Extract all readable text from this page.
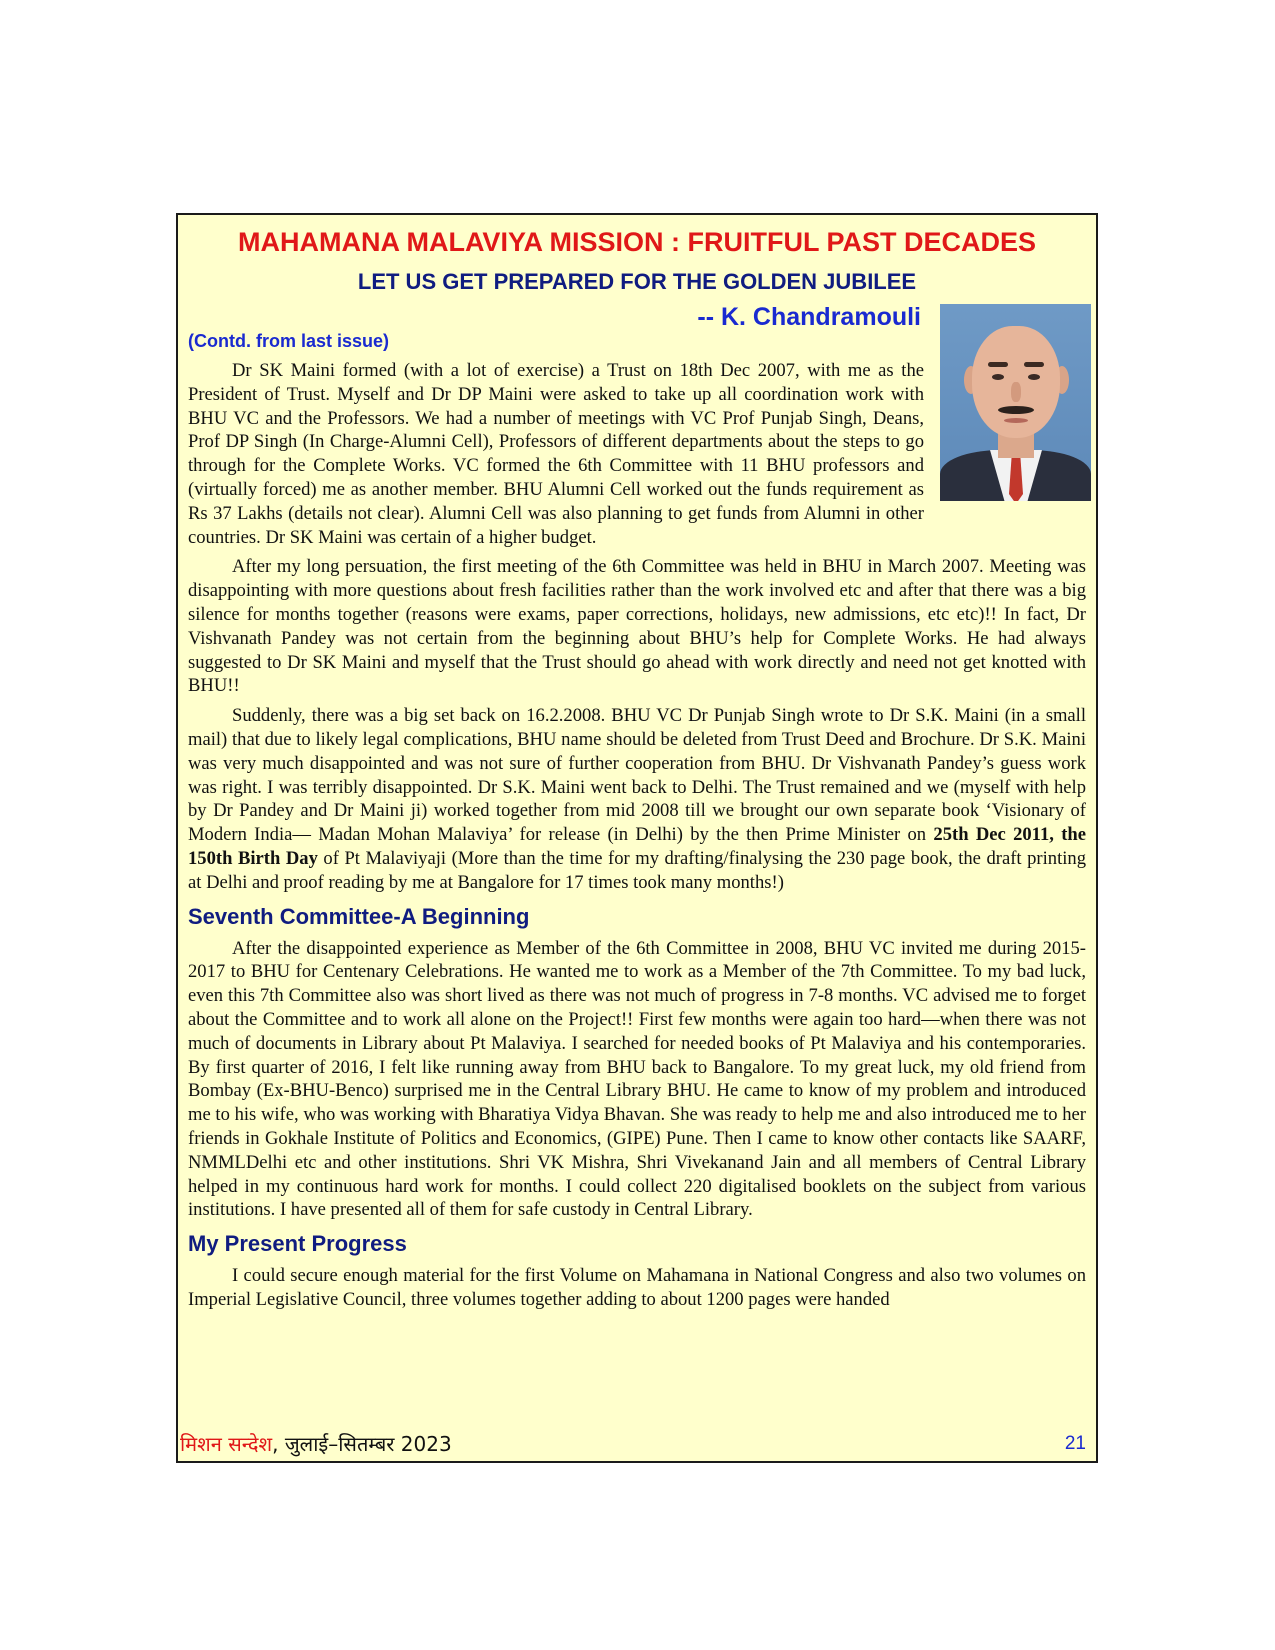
MAHAMANA MALAVIYA MISSION : FRUITFUL PAST DECADES
LET US GET PREPARED FOR THE GOLDEN JUBILEE
-- K. Chandramouli

(Contd. from last issue)

Dr SK Maini formed (with a lot of exercise) a Trust on 18th Dec 2007, with me as the President of Trust. Myself and Dr DP Maini were asked to take up all coordination work with BHU VC and the Professors. We had a number of meetings with VC Prof Punjab Singh, Deans, Prof DP Singh (In Charge-Alumni Cell), Professors of different departments about the steps to go through for the Complete Works. VC formed the 6th Committee with 11 BHU professors and (virtually forced) me as another member. BHU Alumni Cell worked out the funds requirement as Rs 37 Lakhs (details not clear). Alumni Cell was also planning to get funds from Alumni in other countries. Dr SK Maini was certain of a higher budget.

After my long persuation, the first meeting of the 6th Committee was held in BHU in March 2007. Meeting was disappointing with more questions about fresh facilities rather than the work involved etc and after that there was a big silence for months together (reasons were exams, paper corrections, holidays, new admissions, etc etc)!! In fact, Dr Vishvanath Pandey was not certain from the beginning about BHU’s help for Complete Works. He had always suggested to Dr SK Maini and myself that the Trust should go ahead with work directly and need not get knotted with BHU!!

Suddenly, there was a big set back on 16.2.2008. BHU VC Dr Punjab Singh wrote to Dr S.K. Maini (in a small mail) that due to likely legal complications, BHU name should be deleted from Trust Deed and Brochure. Dr S.K. Maini was very much disappointed and was not sure of further cooperation from BHU. Dr Vishvanath Pandey’s guess work was right. I was terribly disappointed. Dr S.K. Maini went back to Delhi. The Trust remained and we (myself with help by Dr Pandey and Dr Maini ji) worked together from mid 2008 till we brought our own separate book ‘Visionary of Modern India— Madan Mohan Malaviya’ for release (in Delhi) by the then Prime Minister on 25th Dec 2011, the 150th Birth Day of Pt Malaviyaji (More than the time for my drafting/finalysing the 230 page book, the draft printing at Delhi and proof reading by me at Bangalore for 17 times took many months!)

Seventh Committee-A Beginning

After the disappointed experience as Member of the 6th Committee in 2008, BHU VC invited me during 2015-2017 to BHU for Centenary Celebrations. He wanted me to work as a Member of the 7th Committee. To my bad luck, even this 7th Committee also was short lived as there was not much of progress in 7-8 months. VC advised me to forget about the Committee and to work all alone on the Project!! First few months were again too hard—when there was not much of documents in Library about Pt Malaviya. I searched for needed books of Pt Malaviya and his contemporaries. By first quarter of 2016, I felt like running away from BHU back to Bangalore. To my great luck, my old friend from Bombay (Ex-BHU-Benco) surprised me in the Central Library BHU. He came to know of my problem and introduced me to his wife, who was working with Bharatiya Vidya Bhavan. She was ready to help me and also introduced me to her friends in Gokhale Institute of Politics and Economics, (GIPE) Pune. Then I came to know other contacts like SAARF, NMMLDelhi etc and other institutions. Shri VK Mishra, Shri Vivekanand Jain and all members of Central Library helped in my continuous hard work for months. I could collect 220 digitalised booklets on the subject from various institutions. I have presented all of them for safe custody in Central Library.

My Present Progress

I could secure enough material for the first Volume on Mahamana in National Congress and also two volumes on Imperial Legislative Council, three volumes together adding to about 1200 pages were handed

मिशन सन्देश, जुलाई–सितम्बर 2023	21
